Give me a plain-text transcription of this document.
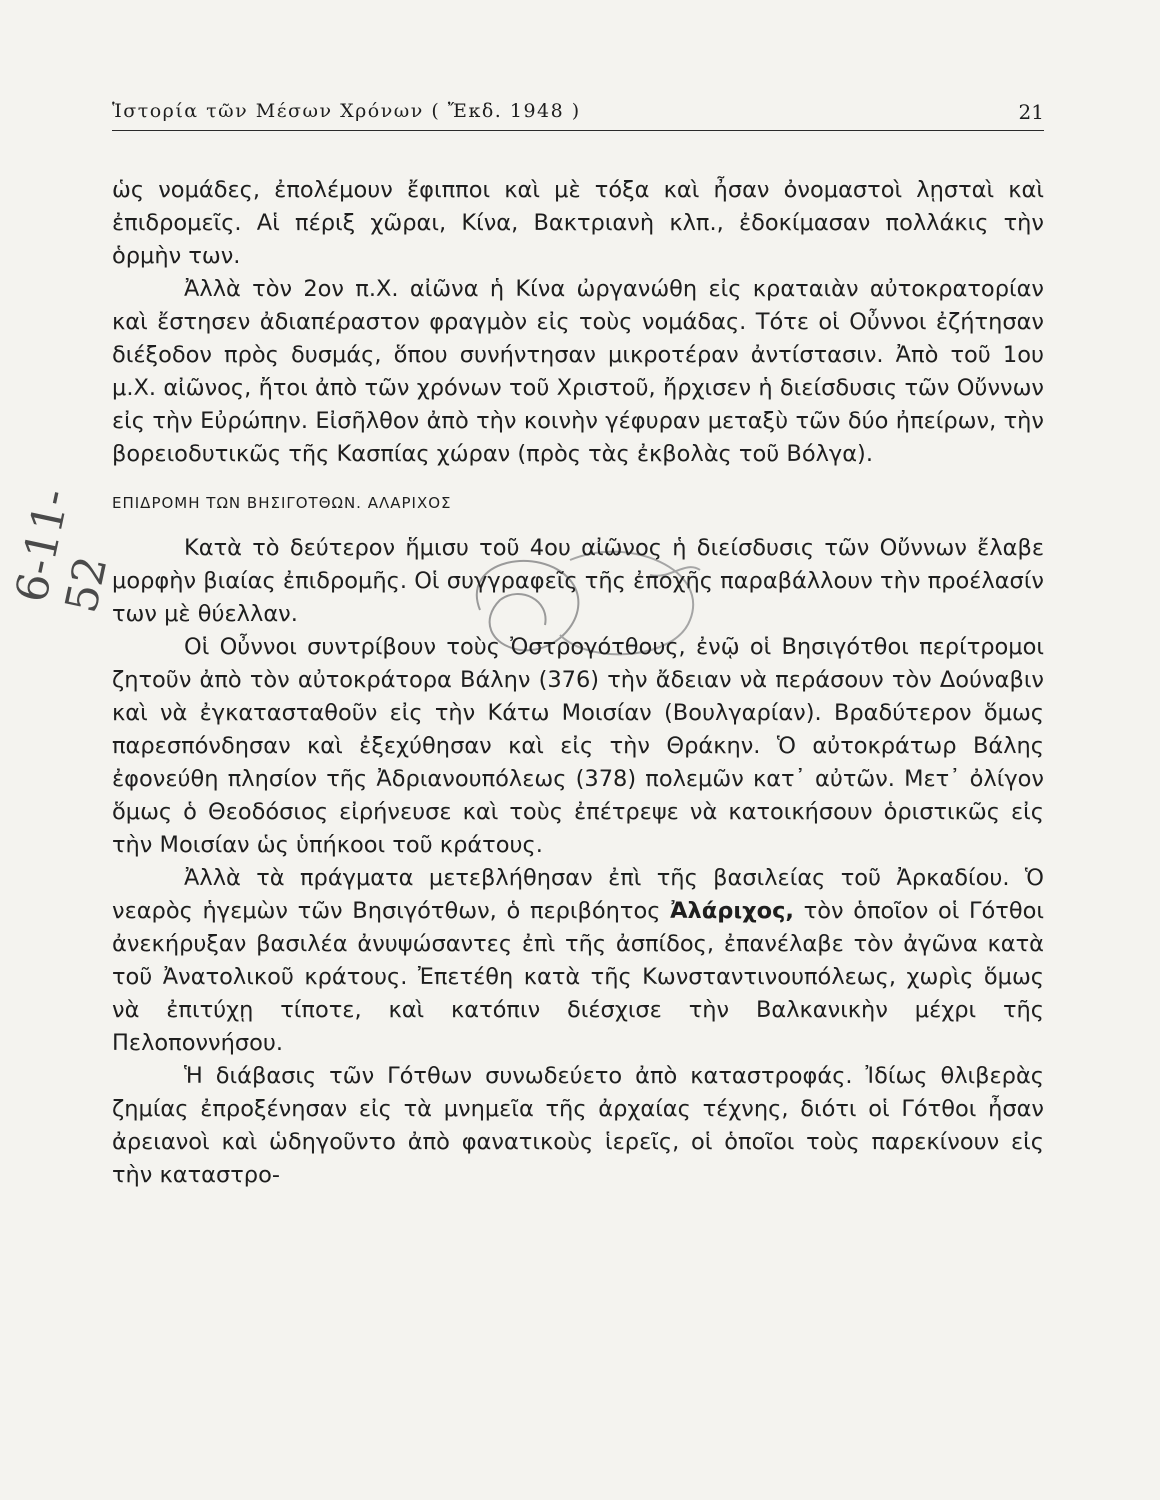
Ἱστορία τῶν Μέσων Χρόνων ( Ἔκδ. 1948 )	21
6-11-52

ὡς νομάδες, ἐπολέμουν ἔφιπποι καὶ μὲ τόξα καὶ ἦσαν ὀνομαστοὶ λῃσταὶ καὶ ἐπιδρομεῖς. Αἱ πέριξ χῶραι, Κίνα, Βακτριανὴ κλπ., ἐδοκίμασαν πολλάκις τὴν ὁρμὴν των.

Ἀλλὰ τὸν 2ον π.Χ. αἰῶνα ἡ Κίνα ὠργανώθη εἰς κραταιὰν αὐτοκρατορίαν καὶ ἔστησεν ἀδιαπέραστον φραγμὸν εἰς τοὺς νομάδας. Τότε οἱ Οὖννοι ἐζήτησαν διέξοδον πρὸς δυσμάς, ὅπου συνήντησαν μικροτέραν ἀντίστασιν. Ἀπὸ τοῦ 1ου μ.Χ. αἰῶνος, ἤτοι ἀπὸ τῶν χρόνων τοῦ Χριστοῦ, ἤρχισεν ἡ διείσδυσις τῶν Οὔννων εἰς τὴν Εὐρώπην. Εἰσῆλθον ἀπὸ τὴν κοινὴν γέφυραν μεταξὺ τῶν δύο ἠπείρων, τὴν βορειοδυτικῶς τῆς Κασπίας χώραν (πρὸς τὰς ἐκβολὰς τοῦ Βόλγα).

ΕΠΙΔΡΟΜΗ ΤΩΝ ΒΗΣΙΓΟΤΘΩΝ. ΑΛΑΡΙΧΟΣ

Κατὰ τὸ δεύτερον ἥμισυ τοῦ 4ου αἰῶνος ἡ διείσδυσις τῶν Οὔννων ἔλαβε μορφὴν βιαίας ἐπιδρομῆς. Οἱ συγγραφεῖς τῆς ἐποχῆς παραβάλλουν τὴν προέλασίν των μὲ θύελλαν.

Οἱ Οὖννοι συντρίβουν τοὺς Ὀστρογότθους, ἐνῷ οἱ Βησιγότθοι περίτρομοι ζητοῦν ἀπὸ τὸν αὐτοκράτορα Βάλην (376) τὴν ἄδειαν νὰ περάσουν τὸν Δούναβιν καὶ νὰ ἐγκατασταθοῦν εἰς τὴν Κάτω Μοισίαν (Βουλγαρίαν). Βραδύτερον ὅμως παρεσπόνδησαν καὶ ἐξεχύθησαν καὶ εἰς τὴν Θράκην. Ὁ αὐτοκράτωρ Βάλης ἐφονεύθη πλησίον τῆς Ἀδριανουπόλεως (378) πολεμῶν κατ᾽ αὐτῶν. Μετ᾽ ὀλίγον ὅμως ὁ Θεοδόσιος εἰρήνευσε καὶ τοὺς ἐπέτρεψε νὰ κατοικήσουν ὁριστικῶς εἰς τὴν Μοισίαν ὡς ὑπήκοοι τοῦ κράτους.

Ἀλλὰ τὰ πράγματα μετεβλήθησαν ἐπὶ τῆς βασιλείας τοῦ Ἀρκαδίου. Ὁ νεαρὸς ἡγεμὼν τῶν Βησιγότθων, ὁ περιβόητος Ἀλάριχος, τὸν ὁποῖον οἱ Γότθοι ἀνεκήρυξαν βασιλέα ἀνυψώσαντες ἐπὶ τῆς ἀσπίδος, ἐπανέλαβε τὸν ἀγῶνα κατὰ τοῦ Ἀνατολικοῦ κράτους. Ἐπετέθη κατὰ τῆς Κωνσταντινουπόλεως, χωρὶς ὅμως νὰ ἐπιτύχῃ τίποτε, καὶ κατόπιν διέσχισε τὴν Βαλκανικὴν μέχρι τῆς Πελοποννήσου.

Ἡ διάβασις τῶν Γότθων συνωδεύετο ἀπὸ καταστροφάς. Ἰδίως θλιβερὰς ζημίας ἐπροξένησαν εἰς τὰ μνημεῖα τῆς ἀρχαίας τέχνης, διότι οἱ Γότθοι ἦσαν ἀρειανοὶ καὶ ὡδηγοῦντο ἀπὸ φανατικοὺς ἱερεῖς, οἱ ὁποῖοι τοὺς παρεκίνουν εἰς τὴν καταστρο-
